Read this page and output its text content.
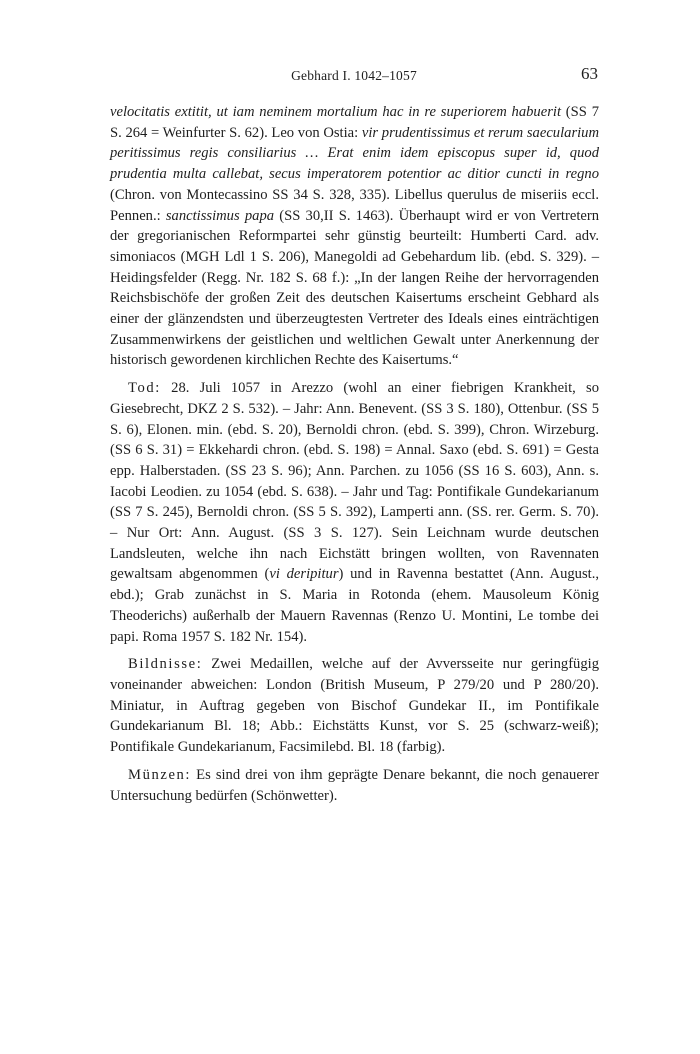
Gebhard I. 1042–1057	63

velocitatis extitit, ut iam neminem mortalium hac in re superiorem habuerit (SS 7 S. 264 = Weinfurter S. 62). Leo von Ostia: vir prudentissimus et rerum saecularium peritissimus regis consiliarius … Erat enim idem episcopus super id, quod prudentia multa callebat, secus imperatorem potentior ac ditior cuncti in regno (Chron. von Montecassino SS 34 S. 328, 335). Libellus querulus de miseriis eccl. Pennen.: sanctissimus papa (SS 30,II S. 1463). Überhaupt wird er von Vertretern der gregorianischen Reformpartei sehr günstig beurteilt: Humberti Card. adv. simoniacos (MGH Ldl 1 S. 206), Manegoldi ad Gebehardum lib. (ebd. S. 329). – Heidingsfelder (Regg. Nr. 182 S. 68 f.): „In der langen Reihe der hervorragenden Reichsbischöfe der großen Zeit des deutschen Kaisertums erscheint Gebhard als einer der glänzendsten und überzeugtesten Vertreter des Ideals eines einträchtigen Zusammenwirkens der geistlichen und weltlichen Gewalt unter Anerkennung der historisch gewordenen kirchlichen Rechte des Kaisertums.“

Tod: 28. Juli 1057 in Arezzo (wohl an einer fiebrigen Krankheit, so Giesebrecht, DKZ 2 S. 532). – Jahr: Ann. Benevent. (SS 3 S. 180), Ottenbur. (SS 5 S. 6), Elonen. min. (ebd. S. 20), Bernoldi chron. (ebd. S. 399), Chron. Wirzeburg. (SS 6 S. 31) = Ekkehardi chron. (ebd. S. 198) = Annal. Saxo (ebd. S. 691) = Gesta epp. Halberstaden. (SS 23 S. 96); Ann. Parchen. zu 1056 (SS 16 S. 603), Ann. s. Iacobi Leodien. zu 1054 (ebd. S. 638). – Jahr und Tag: Pontifikale Gundekarianum (SS 7 S. 245), Bernoldi chron. (SS 5 S. 392), Lamperti ann. (SS. rer. Germ. S. 70). – Nur Ort: Ann. August. (SS 3 S. 127). Sein Leichnam wurde deutschen Landsleuten, welche ihn nach Eichstätt bringen wollten, von Ravennaten gewaltsam abgenommen (vi deripitur) und in Ravenna bestattet (Ann. August., ebd.); Grab zunächst in S. Maria in Rotonda (ehem. Mausoleum König Theoderichs) außerhalb der Mauern Ravennas (Renzo U. Montini, Le tombe dei papi. Roma 1957 S. 182 Nr. 154).

Bildnisse: Zwei Medaillen, welche auf der Avversseite nur geringfügig voneinander abweichen: London (British Museum, P 279/20 und P 280/20). Miniatur, in Auftrag gegeben von Bischof Gundekar II., im Pontifikale Gundekarianum Bl. 18; Abb.: Eichstätts Kunst, vor S. 25 (schwarz-weiß); Pontifikale Gundekarianum, Facsimilebd. Bl. 18 (farbig).

Münzen: Es sind drei von ihm geprägte Denare bekannt, die noch genauerer Untersuchung bedürfen (Schönwetter).
